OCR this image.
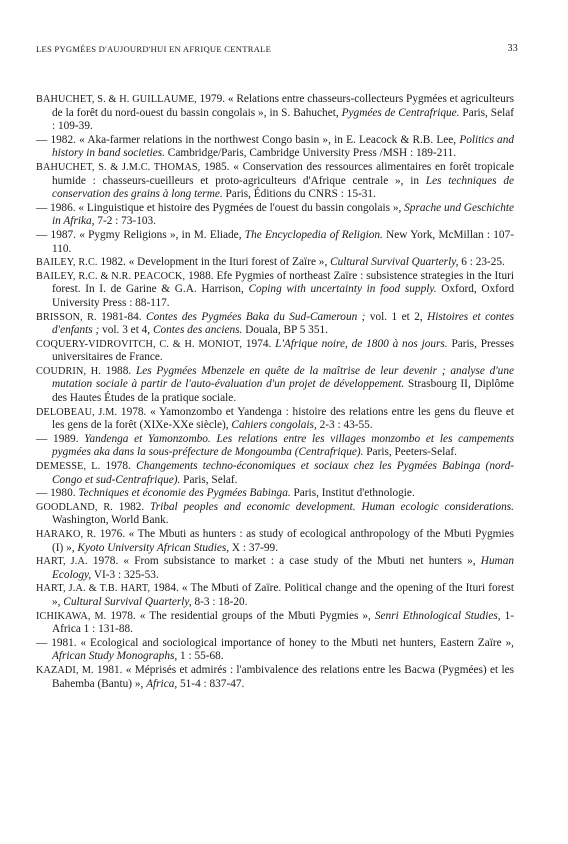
LES PYGMÉES D'AUJOURD'HUI EN AFRIQUE CENTRALE	33

BAHUCHET, S. & H. GUILLAUME, 1979. « Relations entre chasseurs-collecteurs Pygmées et agriculteurs de la forêt du nord-ouest du bassin congolais », in S. Bahuchet, Pygmées de Centrafrique. Paris, Selaf : 109-39.

— 1982. « Aka-farmer relations in the northwest Congo basin », in E. Leacock & R.B. Lee, Politics and history in band societies. Cambridge/Paris, Cambridge University Press /MSH : 189-211.

BAHUCHET, S. & J.M.C. THOMAS, 1985. « Conservation des ressources alimentaires en forêt tropicale humide : chasseurs-cueilleurs et proto-agriculteurs d'Afrique centrale », in Les techniques de conservation des grains à long terme. Paris, Éditions du CNRS : 15-31.

— 1986. « Linguistique et histoire des Pygmées de l'ouest du bassin congolais », Sprache und Geschichte in Afrika, 7-2 : 73-103.

— 1987. « Pygmy Religions », in M. Eliade, The Encyclopedia of Religion. New York, McMillan : 107-110.

BAILEY, R.C. 1982. « Development in the Ituri forest of Zaïre », Cultural Survival Quarterly, 6 : 23-25.

BAILEY, R.C. & N.R. PEACOCK, 1988. Efe Pygmies of northeast Zaïre : subsistence strategies in the Ituri forest. In I. de Garine & G.A. Harrison, Coping with uncertainty in food supply. Oxford, Oxford University Press : 88-117.

BRISSON, R. 1981-84. Contes des Pygmées Baka du Sud-Cameroun ; vol. 1 et 2, Histoires et contes d'enfants ; vol. 3 et 4, Contes des anciens. Douala, BP 5 351.

COQUERY-VIDROVITCH, C. & H. MONIOT, 1974. L'Afrique noire, de 1800 à nos jours. Paris, Presses universitaires de France.

COUDRIN, H. 1988. Les Pygmées Mbenzele en quête de la maîtrise de leur devenir ; analyse d'une mutation sociale à partir de l'auto-évaluation d'un projet de développement. Strasbourg II, Diplôme des Hautes Études de la pratique sociale.

DELOBEAU, J.M. 1978. « Yamonzombo et Yandenga : histoire des relations entre les gens du fleuve et les gens de la forêt (XIXe-XXe siècle), Cahiers congolais, 2-3 : 43-55.

— 1989. Yandenga et Yamonzombo. Les relations entre les villages monzombo et les campements pygmées aka dans la sous-préfecture de Mongoumba (Centrafrique). Paris, Peeters-Selaf.

DEMESSE, L. 1978. Changements techno-économiques et sociaux chez les Pygmées Babinga (nord-Congo et sud-Centrafrique). Paris, Selaf.

— 1980. Techniques et économie des Pygmées Babinga. Paris, Institut d'ethnologie.

GOODLAND, R. 1982. Tribal peoples and economic development. Human ecologic considerations. Washington, World Bank.

HARAKO, R. 1976. « The Mbuti as hunters : as study of ecological anthropology of the Mbuti Pygmies (I) », Kyoto University African Studies, X : 37-99.

HART, J.A. 1978. « From subsistance to market : a case study of the Mbuti net hunters », Human Ecology, VI-3 : 325-53.

HART, J.A. & T.B. HART, 1984. « The Mbuti of Zaïre. Political change and the opening of the Ituri forest », Cultural Survival Quarterly, 8-3 : 18-20.

ICHIKAWA, M. 1978. « The residential groups of the Mbuti Pygmies », Senri Ethnological Studies, 1-Africa 1 : 131-88.

— 1981. « Ecological and sociological importance of honey to the Mbuti net hunters, Eastern Zaïre », African Study Monographs, 1 : 55-68.

KAZADI, M. 1981. « Méprisés et admirés : l'ambivalence des relations entre les Bacwa (Pygmées) et les Bahemba (Bantu) », Africa, 51-4 : 837-47.
